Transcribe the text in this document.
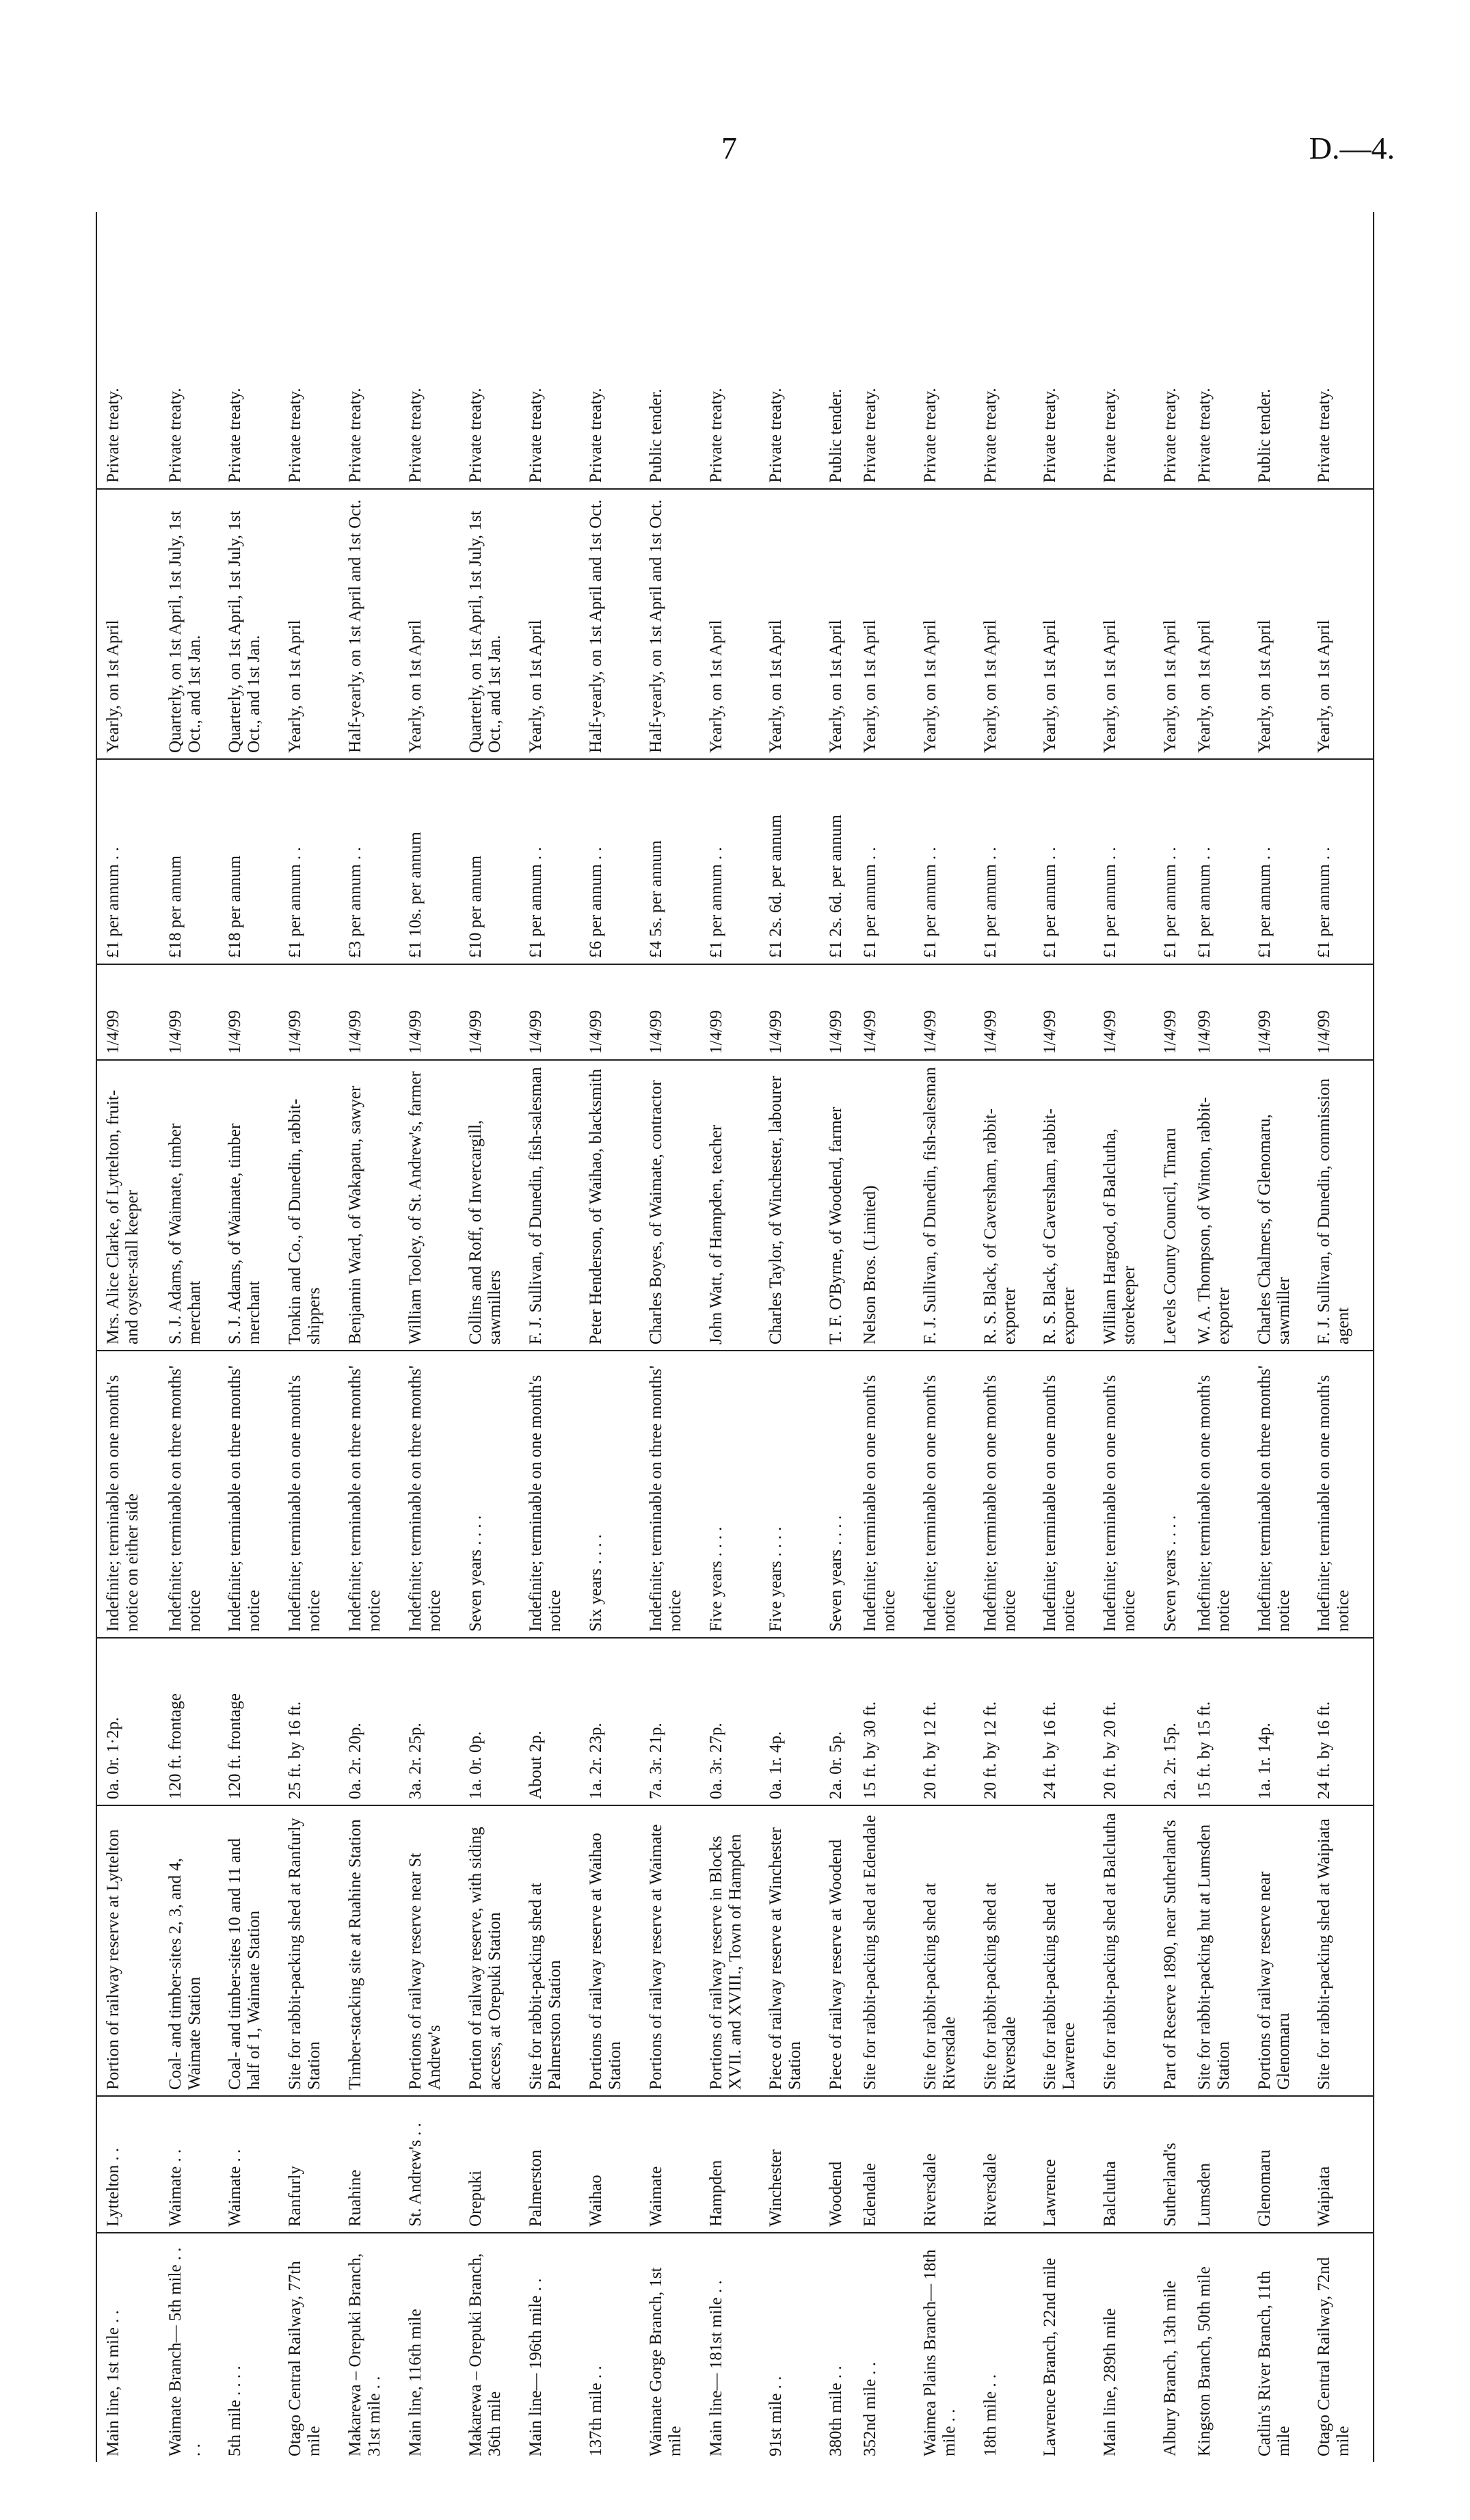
7	D.—4.
Main line, 1st mile . .	Lyttelton . .	Portion of railway reserve at Lyttelton	0a. 0r. 1·2p.	Indefinite; terminable on one month's notice on either side	Mrs. Alice Clarke, of Lyttelton, fruit- and oyster-stall keeper	1/4/99	£1 per annum . .	Yearly, on 1st April	Private treaty.
Waimate Branch— 5th mile . . . .	Waimate . .	Coal- and timber-sites 2, 3, and 4, Waimate Station	120 ft. frontage	Indefinite; terminable on three months' notice	S. J. Adams, of Waimate, timber merchant	1/4/99	£18 per annum	Quarterly, on 1st April, 1st July, 1st Oct., and 1st Jan.	Private treaty.
5th mile . . . .	Waimate . .	Coal- and timber-sites 10 and 11 and half of 1, Waimate Station	120 ft. frontage	Indefinite; terminable on three months' notice	S. J. Adams, of Waimate, timber merchant	1/4/99	£18 per annum	Quarterly, on 1st April, 1st July, 1st Oct., and 1st Jan.	Private treaty.
Otago Central Railway, 77th mile	Ranfurly	Site for rabbit-packing shed at Ranfurly Station	25 ft. by 16 ft.	Indefinite; terminable on one month's notice	Tonkin and Co., of Dunedin, rabbit-shippers	1/4/99	£1 per annum . .	Yearly, on 1st April	Private treaty.
Makarewa – Orepuki Branch, 31st mile . .	Ruahine	Timber-stacking site at Ruahine Station	0a. 2r. 20p.	Indefinite; terminable on three months' notice	Benjamin Ward, of Wakapatu, sawyer	1/4/99	£3 per annum . .	Half-yearly, on 1st April and 1st Oct.	Private treaty.
Main line, 116th mile	St. Andrew's . .	Portions of railway reserve near St Andrew's	3a. 2r. 25p.	Indefinite; terminable on three months' notice	William Tooley, of St. Andrew's, farmer	1/4/99	£1 10s. per annum	Yearly, on 1st April	Private treaty.
Makarewa – Orepuki Branch, 36th mile	Orepuki	Portion of railway reserve, with siding access, at Orepuki Station	1a. 0r. 0p.	Seven years . . . .	Collins and Roff, of Invercargill, sawmillers	1/4/99	£10 per annum	Quarterly, on 1st April, 1st July, 1st Oct., and 1st Jan.	Private treaty.
Main line— 196th mile . .	Palmerston	Site for rabbit-packing shed at Palmerston Station	About 2p.	Indefinite; terminable on one month's notice	F. J. Sullivan, of Dunedin, fish-salesman	1/4/99	£1 per annum . .	Yearly, on 1st April	Private treaty.
137th mile . .	Waihao	Portions of railway reserve at Waihao Station	1a. 2r. 23p.	Six years . . . .	Peter Henderson, of Waihao, blacksmith	1/4/99	£6 per annum . .	Half-yearly, on 1st April and 1st Oct.	Private treaty.
Waimate Gorge Branch, 1st mile	Waimate	Portions of railway reserve at Waimate	7a. 3r. 21p.	Indefinite; terminable on three months' notice	Charles Boyes, of Waimate, contractor	1/4/99	£4 5s. per annum	Half-yearly, on 1st April and 1st Oct.	Public tender.
Main line— 181st mile . .	Hampden	Portions of railway reserve in Blocks XVII. and XVIII., Town of Hampden	0a. 3r. 27p.	Five years . . . .	John Watt, of Hampden, teacher	1/4/99	£1 per annum . .	Yearly, on 1st April	Private treaty.
91st mile . .	Winchester	Piece of railway reserve at Winchester Station	0a. 1r. 4p.	Five years . . . .	Charles Taylor, of Winchester, labourer	1/4/99	£1 2s. 6d. per annum	Yearly, on 1st April	Private treaty.
380th mile . .	Woodend	Piece of railway reserve at Woodend	2a. 0r. 5p.	Seven years . . . .	T. F. O'Byrne, of Woodend, farmer	1/4/99	£1 2s. 6d. per annum	Yearly, on 1st April	Public tender.
352nd mile . .	Edendale	Site for rabbit-packing shed at Edendale	15 ft. by 30 ft.	Indefinite; terminable on one month's notice	Nelson Bros. (Limited)	1/4/99	£1 per annum . .	Yearly, on 1st April	Private treaty.
Waimea Plains Branch— 18th mile . .	Riversdale	Site for rabbit-packing shed at Riversdale	20 ft. by 12 ft.	Indefinite; terminable on one month's notice	F. J. Sullivan, of Dunedin, fish-salesman	1/4/99	£1 per annum . .	Yearly, on 1st April	Private treaty.
18th mile . .	Riversdale	Site for rabbit-packing shed at Riversdale	20 ft. by 12 ft.	Indefinite; terminable on one month's notice	R. S. Black, of Caversham, rabbit-exporter	1/4/99	£1 per annum . .	Yearly, on 1st April	Private treaty.
Lawrence Branch, 22nd mile	Lawrence	Site for rabbit-packing shed at Lawrence	24 ft. by 16 ft.	Indefinite; terminable on one month's notice	R. S. Black, of Caversham, rabbit-exporter	1/4/99	£1 per annum . .	Yearly, on 1st April	Private treaty.
Main line, 289th mile	Balclutha	Site for rabbit-packing shed at Balclutha	20 ft. by 20 ft.	Indefinite; terminable on one month's notice	William Hargood, of Balclutha, storekeeper	1/4/99	£1 per annum . .	Yearly, on 1st April	Private treaty.
Albury Branch, 13th mile	Sutherland's	Part of Reserve 1890, near Sutherland's	2a. 2r. 15p.	Seven years . . . .	Levels County Council, Timaru	1/4/99	£1 per annum . .	Yearly, on 1st April	Private treaty.
Kingston Branch, 50th mile	Lumsden	Site for rabbit-packing hut at Lumsden Station	15 ft. by 15 ft.	Indefinite; terminable on one month's notice	W. A. Thompson, of Winton, rabbit-exporter	1/4/99	£1 per annum . .	Yearly, on 1st April	Private treaty.
Catlin's River Branch, 11th mile	Glenomaru	Portions of railway reserve near Glenomaru	1a. 1r. 14p.	Indefinite; terminable on three months' notice	Charles Chalmers, of Glenomaru, sawmiller	1/4/99	£1 per annum . .	Yearly, on 1st April	Public tender.
Otago Central Railway, 72nd mile	Waipiata	Site for rabbit-packing shed at Waipiata	24 ft. by 16 ft.	Indefinite; terminable on one month's notice	F. J. Sullivan, of Dunedin, commission agent	1/4/99	£1 per annum . .	Yearly, on 1st April	Private treaty.
